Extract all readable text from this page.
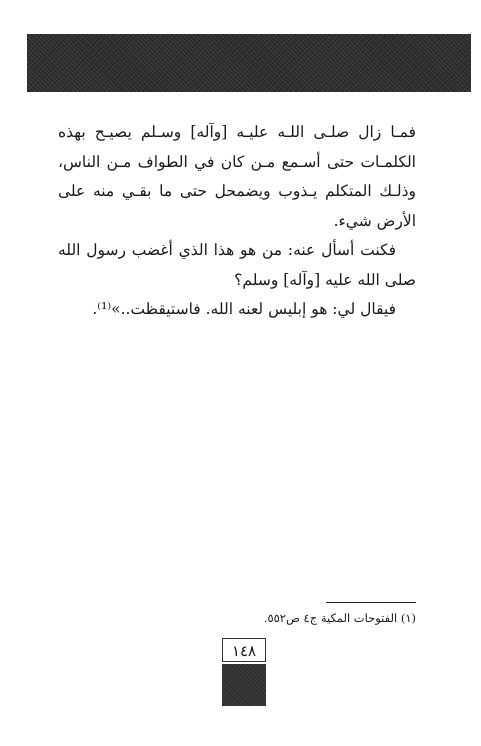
فمـا زال صلـى اللـه عليـه [وآله] وسـلم يصيـح بهذه الكلمـات حتى أسـمع مـن كان في الطواف مـن الناس، وذلـك المتكلم يـذوب ويضمحل حتى ما بقـي منه على الأرض شيء.

فكنت أسأل عنه: من هو هذا الذي أغضب رسول الله صلى الله عليه [وآله] وسلم؟

فيقال لي: هو إبليس لعنه الله. فاستيقظت..»⁽¹⁾.

(١) الفتوحات المكية ج٤ ص٥٥٢.
١٤٨
